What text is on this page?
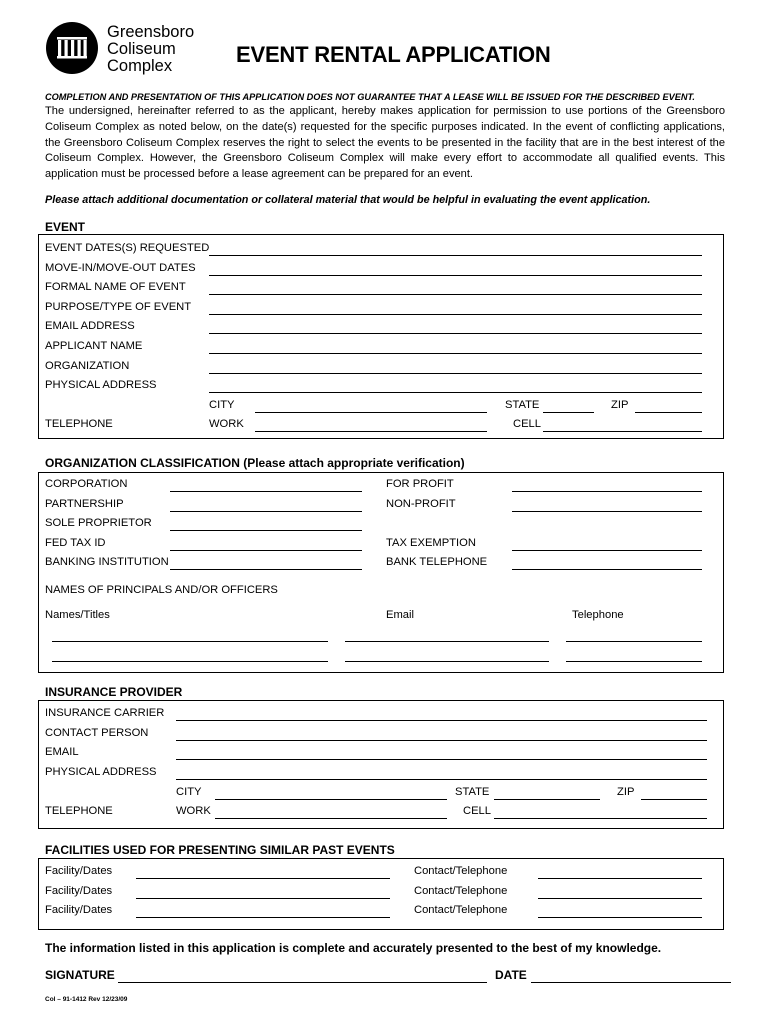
Greensboro
Coliseum
Complex	EVENT RENTAL APPLICATION
COMPLETION AND PRESENTATION OF THIS APPLICATION DOES NOT GUARANTEE THAT A LEASE WILL BE ISSUED FOR THE DESCRIBED EVENT.
The undersigned, hereinafter referred to as the applicant, hereby makes application for permission to use portions of the Greensboro Coliseum Complex as noted below, on the date(s) requested for the specific purposes indicated. In the event of conflicting applications, the Greensboro Coliseum Complex reserves the right to select the events to be presented in the facility that are in the best interest of the Coliseum Complex. However, the Greensboro Coliseum Complex will make every effort to accommodate all qualified events. This application must be processed before a lease agreement can be prepared for an event.
Please attach additional documentation or collateral material that would be helpful in evaluating the event application.
EVENT
EVENT DATES(S) REQUESTED
MOVE-IN/MOVE-OUT DATES
FORMAL NAME OF EVENT
PURPOSE/TYPE OF EVENT
EMAIL ADDRESS
APPLICANT NAME
ORGANIZATION
PHYSICAL ADDRESS
CITY	STATE	ZIP
TELEPHONE	WORK	CELL
ORGANIZATION CLASSIFICATION (Please attach appropriate verification)
CORPORATION	FOR PROFIT
PARTNERSHIP	NON-PROFIT
SOLE PROPRIETOR
FED TAX ID	TAX EXEMPTION
BANKING INSTITUTION	BANK TELEPHONE
NAMES OF PRINCIPALS AND/OR OFFICERS
Names/Titles	Email	Telephone
INSURANCE PROVIDER
INSURANCE CARRIER
CONTACT PERSON
EMAIL
PHYSICAL ADDRESS
CITY	STATE	ZIP
TELEPHONE	WORK	CELL
FACILITIES USED FOR PRESENTING SIMILAR PAST EVENTS
Facility/Dates	Contact/Telephone
Facility/Dates	Contact/Telephone
Facility/Dates	Contact/Telephone
The information listed in this application is complete and accurately presented to the best of my knowledge.
SIGNATURE	DATE
Col – 91-1412 Rev 12/23/09
